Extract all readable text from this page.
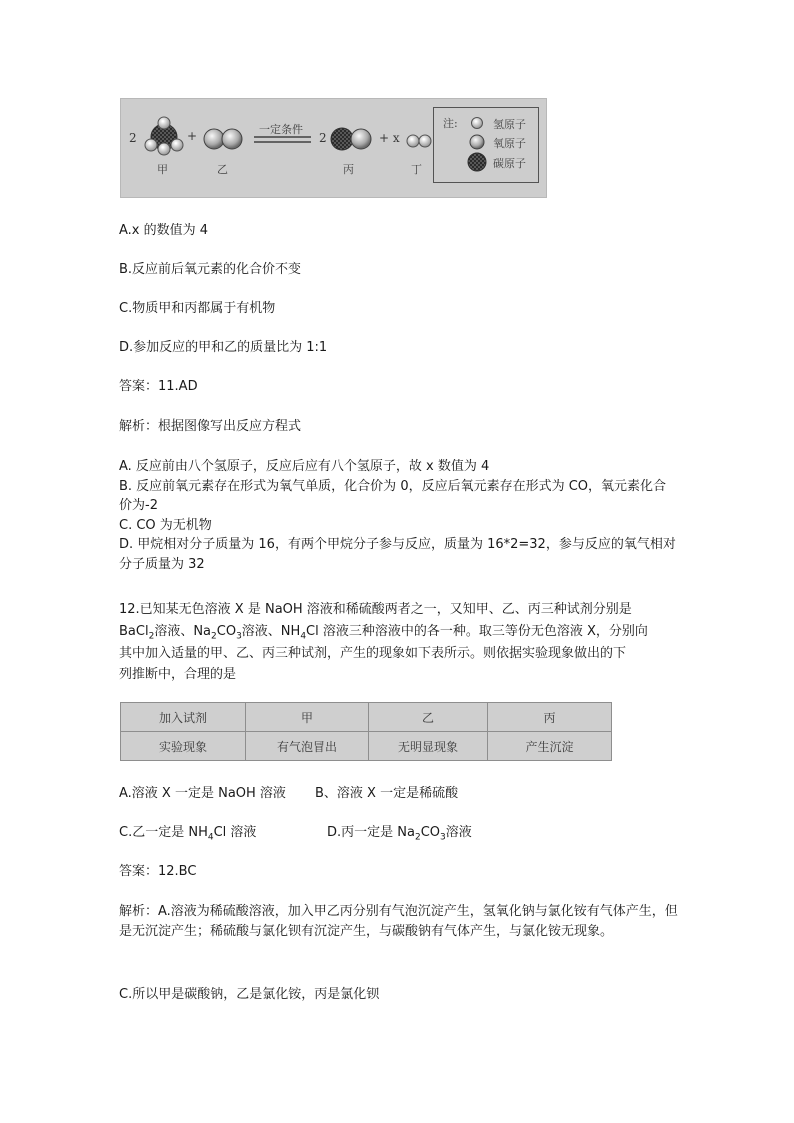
2	+
甲	乙
一定条件
2
丙
+ x
丁
注:	氢原子
氧原子
碳原子
A.x 的数值为 4
B.反应前后氧元素的化合价不变
C.物质甲和丙都属于有机物
D.参加反应的甲和乙的质量比为 1:1
答案：11.AD
解析：根据图像写出反应方程式

A. 反应前由八个氢原子，反应后应有八个氢原子，故 x 数值为 4

B. 反应前氧元素存在形式为氧气单质，化合价为 0，反应后氧元素存在形式为 CO，氧元素化合价为-2

C. CO 为无机物

D. 甲烷相对分子质量为 16，有两个甲烷分子参与反应，质量为 16*2=32，参与反应的氧气相对分子质量为 32

12.已知某无色溶液 X 是 NaOH 溶液和稀硫酸两者之一，又知甲、乙、丙三种试剂分别是
BaCl$_2$溶液、$Na_2CO_3$溶液、$NH_4Cl$ 溶液三种溶液中的各一种。取三等份无色溶液 X，分别向
其中加入适量的甲、乙、丙三种试剂，产生的现象如下表所示。则依据实验现象做出的下
列推断中，合理的是
加入试剂	甲	乙	丙
实验现象	有气泡冒出	无明显现象	产生沉淀
A.溶液 X 一定是 NaOH 溶液 B、溶液 X 一定是稀硫酸
C.乙一定是 $NH_4Cl$ 溶液	D.丙一定是 $Na_2CO_3$溶液
答案：12.BC
解析：A.溶液为稀硫酸溶液，加入甲乙丙分别有气泡沉淀产生，氢氧化钠与氯化铵有气体产生，但是无沉淀产生；稀硫酸与氯化钡有沉淀产生，与碳酸钠有气体产生，与氯化铵无现象。
C.所以甲是碳酸钠，乙是氯化铵，丙是氯化钡
